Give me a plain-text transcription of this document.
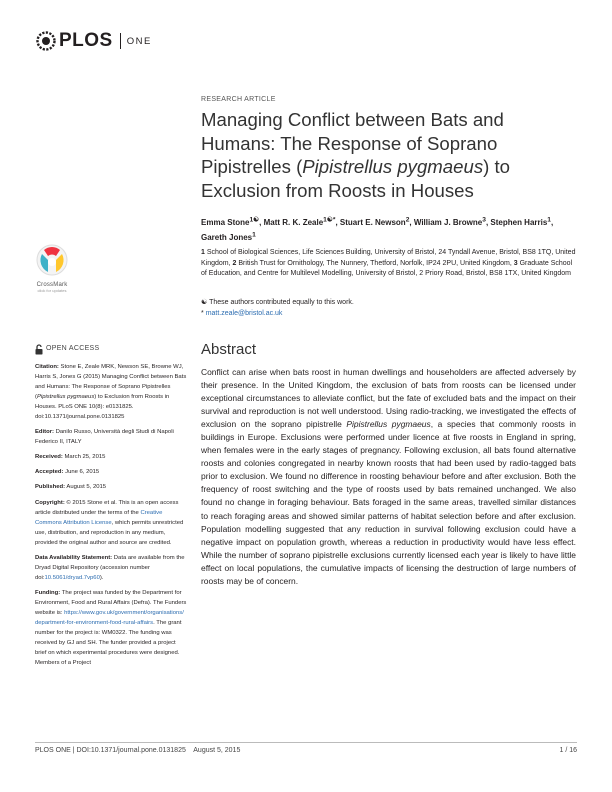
PLOS ONE
RESEARCH ARTICLE
Managing Conflict between Bats and Humans: The Response of Soprano Pipistrelles (Pipistrellus pygmaeus) to Exclusion from Roosts in Houses
Emma Stone$^{1☯}$, Matt R. K. Zeale$^{1☯*}$, Stuart E. Newson$^2$, William J. Browne$^3$, Stephen Harris$^1$, Gareth Jones$^1$
1 School of Biological Sciences, Life Sciences Building, University of Bristol, 24 Tyndall Avenue, Bristol, BS8 1TQ, United Kingdom, 2 British Trust for Ornithology, The Nunnery, Thetford, Norfolk, IP24 2PU, United Kingdom, 3 Graduate School of Education, and Centre for Multilevel Modelling, University of Bristol, 2 Priory Road, Bristol, BS8 1TX, United Kingdom
☯ These authors contributed equally to this work.
* matt.zeale@bristol.ac.uk
Abstract
Conflict can arise when bats roost in human dwellings and householders are affected adversely by their presence. In the United Kingdom, the exclusion of bats from roosts can be licensed under exceptional circumstances to alleviate conflict, but the fate of excluded bats and the impact on their survival and reproduction is not well understood. Using radio-tracking, we investigated the effects of exclusion on the soprano pipistrelle Pipistrellus pygmaeus, a species that commonly roosts in buildings in Europe. Exclusions were performed under licence at five roosts in England in spring, when females were in the early stages of pregnancy. Following exclusion, all bats found alternative roosts and colonies congregated in nearby known roosts that had been used by radio-tagged bats prior to exclusion. We found no difference in roosting behaviour before and after exclusion. Both the frequency of roost switching and the type of roosts used by bats remained unchanged. We also found no change in foraging behaviour. Bats foraged in the same areas, travelled similar distances to reach foraging areas and showed similar patterns of habitat selection before and after exclusion. Population modelling suggested that any reduction in survival following exclusion could have a negative impact on population growth, whereas a reduction in productivity would have less effect. While the number of soprano pipistrelle exclusions currently licensed each year is likely to have little effect on local populations, the cumulative impacts of licensing the destruction of large numbers of roosts may be of concern.
CrossMark
click for updates
OPEN ACCESS
Citation: Stone E, Zeale MRK, Newson SE, Browne WJ, Harris S, Jones G (2015) Managing Conflict between Bats and Humans: The Response of Soprano Pipistrelles (Pipistrellus pygmaeus) to Exclusion from Roosts in Houses. PLoS ONE 10(8): e0131825. doi:10.1371/journal.pone.0131825
Editor: Danilo Russo, Università degli Studi di Napoli Federico II, ITALY
Received: March 25, 2015
Accepted: June 6, 2015
Published: August 5, 2015
Copyright: © 2015 Stone et al. This is an open access article distributed under the terms of the Creative Commons Attribution License, which permits unrestricted use, distribution, and reproduction in any medium, provided the original author and source are credited.
Data Availability Statement: Data are available from the Dryad Digital Repository (accession number doi:10.5061/dryad.7vp60).
Funding: The project was funded by the Department for Environment, Food and Rural Affairs (Defra). The Funders website is: https://www.gov.uk/government/organisations/department-for-environment-food-rural-affairs. The grant number for the project is: WM0322. The funding was received by GJ and SH. The funder provided a project brief on which experimental procedures were designed. Members of a Project
PLOS ONE | DOI:10.1371/journal.pone.0131825    August 5, 2015	1 / 16
